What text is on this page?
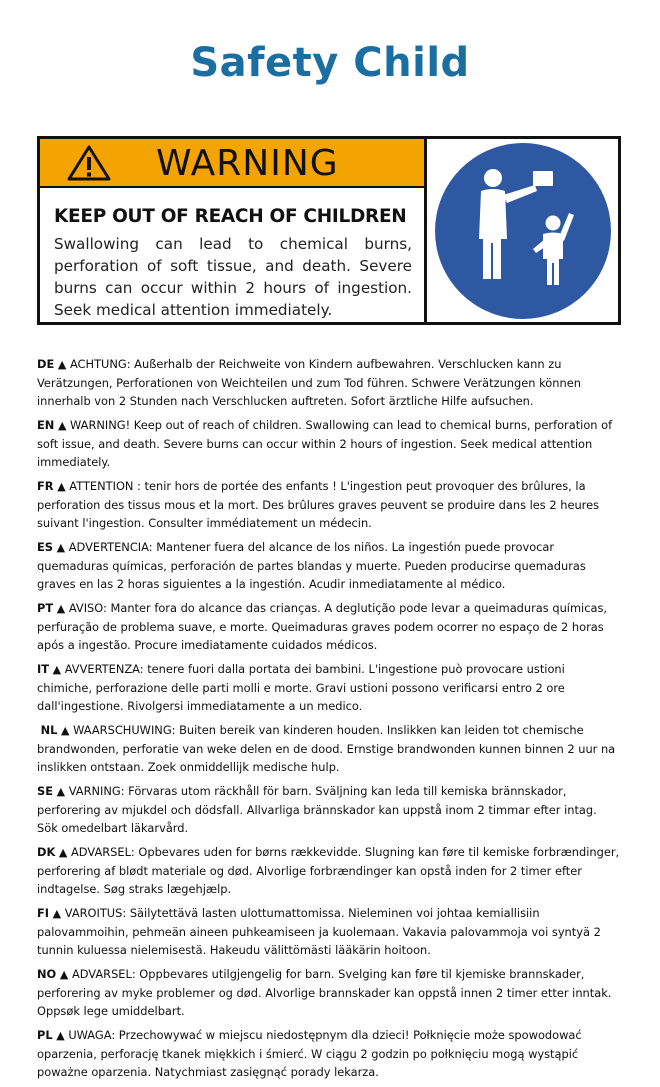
Safety Child
WARNING
KEEP OUT OF REACH OF CHILDREN
Swallowing can lead to chemical burns, perforation of soft tissue, and death. Severe burns can occur within 2 hours of ingestion. Seek medical attention immediately.
DE ▲ ACHTUNG: Außerhalb der Reichweite von Kindern aufbewahren. Verschlucken kann zu Verätzungen, Perforationen von Weichteilen und zum Tod führen. Schwere Verätzungen können innerhalb von 2 Stunden nach Verschlucken auftreten. Sofort ärztliche Hilfe aufsuchen.
EN ▲ WARNING! Keep out of reach of children. Swallowing can lead to chemical burns, perforation of soft issue, and death. Severe burns can occur within 2 hours of ingestion. Seek medical attention immediately.
FR ▲ ATTENTION : tenir hors de portée des enfants ! L'ingestion peut provoquer des brûlures, la perforation des tissus mous et la mort. Des brûlures graves peuvent se produire dans les 2 heures suivant l'ingestion. Consulter immédiatement un médecin.
ES ▲ ADVERTENCIA: Mantener fuera del alcance de los niños. La ingestión puede provocar quemaduras químicas, perforación de partes blandas y muerte. Pueden producirse quemaduras graves en las 2 horas siguientes a la ingestión. Acudir inmediatamente al médico.
PT ▲ AVISO: Manter fora do alcance das crianças. A deglutição pode levar a queimaduras químicas, perfuração de problema suave, e morte. Queimaduras graves podem ocorrer no espaço de 2 horas após a ingestão. Procure imediatamente cuidados médicos.
IT ▲ AVVERTENZA: tenere fuori dalla portata dei bambini. L'ingestione può provocare ustioni chimiche, perforazione delle parti molli e morte. Gravi ustioni possono verificarsi entro 2 ore dall'ingestione. Rivolgersi immediatamente a un medico.
NL ▲ WAARSCHUWING: Buiten bereik van kinderen houden. Inslikken kan leiden tot chemische brandwonden, perforatie van weke delen en de dood. Ernstige brandwonden kunnen binnen 2 uur na inslikken ontstaan. Zoek onmiddellijk medische hulp.
SE ▲ VARNING: Förvaras utom räckhåll för barn. Sväljning kan leda till kemiska brännskador, perforering av mjukdel och dödsfall. Allvarliga brännskador kan uppstå inom 2 timmar efter intag. Sök omedelbart läkarvård.
DK ▲ ADVARSEL: Opbevares uden for børns rækkevidde. Slugning kan føre til kemiske forbrændinger, perforering af blødt materiale og død. Alvorlige forbrændinger kan opstå inden for 2 timer efter indtagelse. Søg straks lægehjælp.
FI ▲ VAROITUS: Säilytettävä lasten ulottumattomissa. Nieleminen voi johtaa kemiallisiin palovammoihin, pehmeän aineen puhkeamiseen ja kuolemaan. Vakavia palovammoja voi syntyä 2 tunnin kuluessa nielemisestä. Hakeudu välittömästi lääkärin hoitoon.
NO ▲ ADVARSEL: Oppbevares utilgjengelig for barn. Svelging kan føre til kjemiske brannskader, perforering av myke problemer og død. Alvorlige brannskader kan oppstå innen 2 timer etter inntak. Oppsøk lege umiddelbart.
PL ▲ UWAGA: Przechowywać w miejscu niedostępnym dla dzieci! Połknięcie może spowodować oparzenia, perforację tkanek miękkich i śmierć. W ciągu 2 godzin po połknięciu mogą wystąpić poważne oparzenia. Natychmiast zasięgnąć porady lekarza.
